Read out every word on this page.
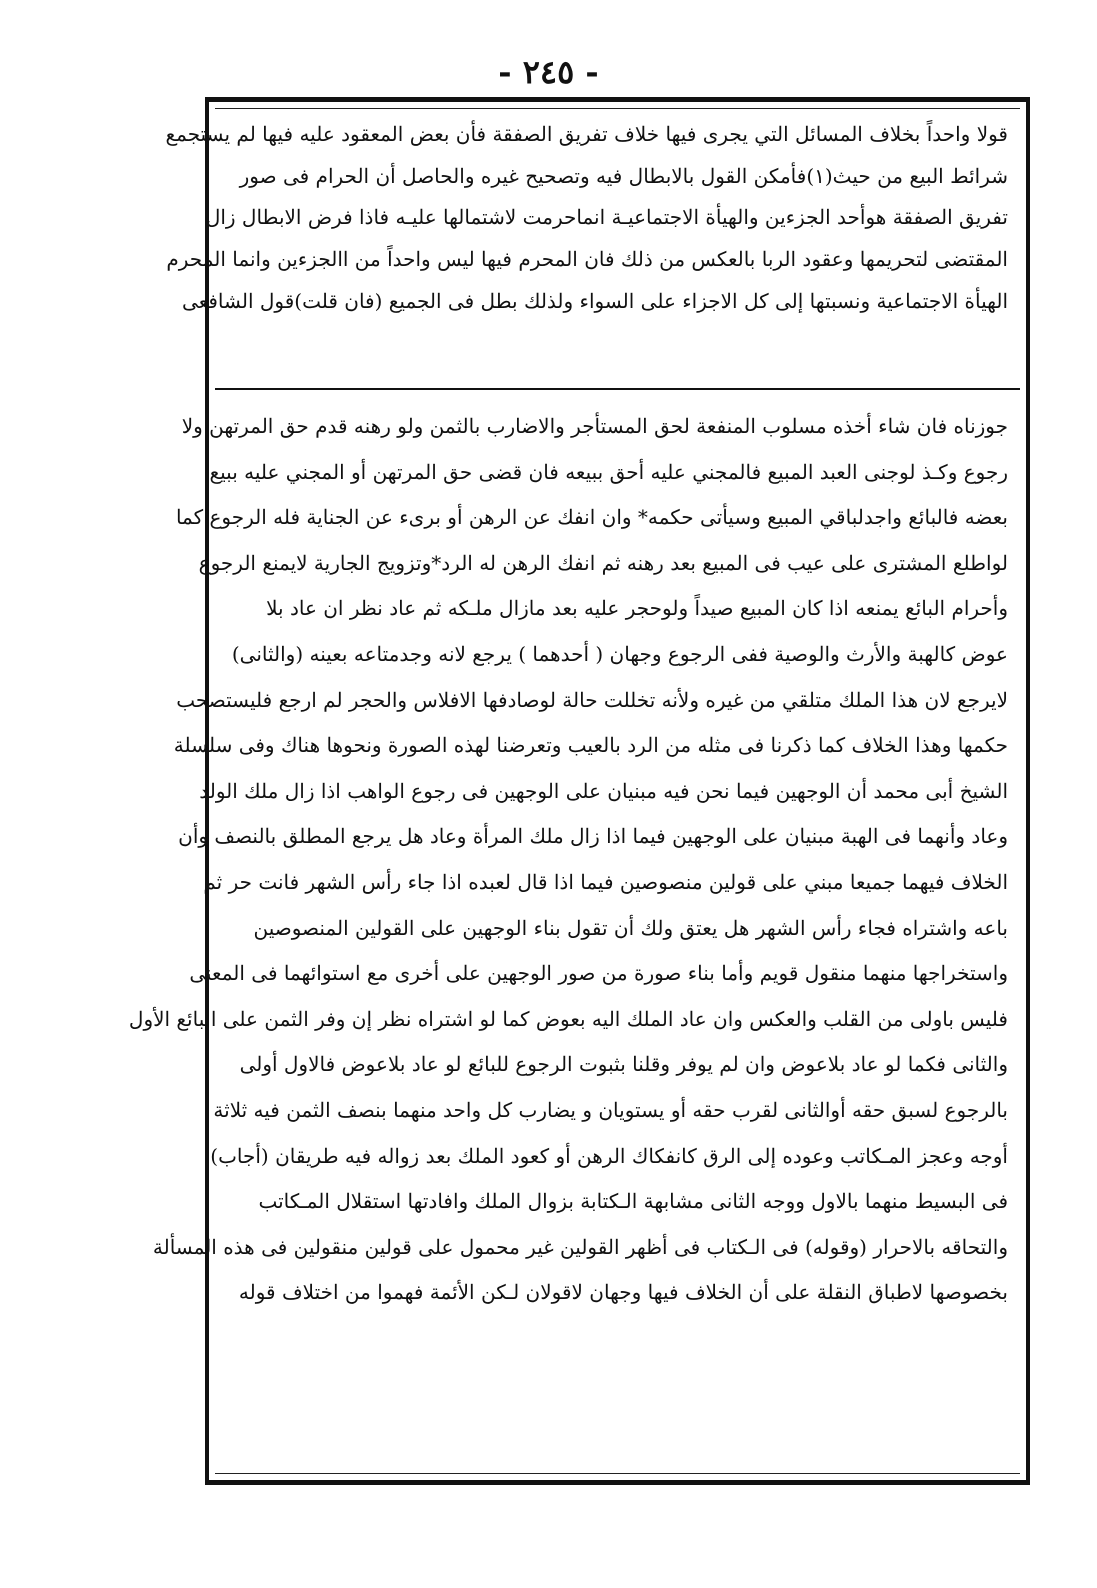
- ٢٤٥ -
قولا واحداً بخلاف المسائل التي يجرى فيها خلاف تفريق الصفقة فأن بعض المعقود عليه فيها لم يستجمع
شرائط البيع من حيث(١)فأمكن القول بالابطال فيه وتصحيح غيره والحاصل أن الحرام فى صور
تفريق الصفقة هوأحد الجزءين والهيأة الاجتماعيـة انماحرمت لاشتمالها عليـه فاذا فرض الابطال زال
المقتضى لتحريمها وعقود الربا بالعكس من ذلك فان المحرم فيها ليس واحداً من االجزءين وانما المحرم
الهيأة الاجتماعية ونسبتها إلى كل الاجزاء على السواء ولذلك بطل فى الجميع (فان قلت)قول الشافعى
جوزناه فان شاء أخذه مسلوب المنفعة لحق المستأجر والاضارب بالثمن ولو رهنه قدم حق المرتهن ولا
رجوع وكـذ لوجنى العبد المبيع فالمجني عليه أحق ببيعه فان قضى حق المرتهن أو المجني عليه ببيع
بعضه فالبائع واجدلباقي المبيع وسيأتى حكمه* وان انفك عن الرهن أو برىء عن الجناية فله الرجوع كما
لواطلع المشترى على عيب فى المبيع بعد رهنه ثم انفك الرهن له الرد*وتزويج الجارية لايمنع الرجوع
وأحرام البائع يمنعه اذا كان المبيع صيداً ولوحجر عليه بعد مازال ملـكه ثم عاد نظر ان عاد بلا
عوض كالهبة والأرث والوصية ففى الرجوع وجهان ( أحدهما ) يرجع لانه وجدمتاعه بعينه (والثانى)
لايرجع لان هذا الملك متلقي من غيره ولأنه تخللت حالة لوصادفها الافلاس والحجر لم ارجع فليستصحب
حكمها وهذا الخلاف كما ذكرنا فى مثله من الرد بالعيب وتعرضنا لهذه الصورة ونحوها هناك وفى سلسلة
الشيخ أبى محمد أن الوجهين فيما نحن فيه مبنيان على الوجهين فى رجوع الواهب اذا زال ملك الولد
وعاد وأنهما فى الهبة مبنيان على الوجهين فيما اذا زال ملك المرأة وعاد هل يرجع المطلق بالنصف وأن
الخلاف فيهما جميعا مبني على قولين منصوصين فيما اذا قال لعبده اذا جاء رأس الشهر فانت حر ثم
باعه واشتراه فجاء رأس الشهر هل يعتق ولك أن تقول بناء الوجهين على القولين المنصوصين
واستخراجها منهما منقول قويم وأما بناء صورة من صور الوجهين على أخرى مع استوائهما فى المعنى
فليس باولى من القلب والعكس وان عاد الملك اليه بعوض كما لو اشتراه نظر إن وفر الثمن على البائع الأول
والثانى فكما لو عاد بلاعوض وان لم يوفر وقلنا بثبوت الرجوع للبائع لو عاد بلاعوض فالاول أولى
بالرجوع لسبق حقه أوالثانى لقرب حقه أو يستويان و يضارب كل واحد منهما بنصف الثمن فيه ثلاثة
أوجه وعجز المـكاتب وعوده إلى الرق كانفكاك الرهن أو كعود الملك بعد زواله فيه طريقان (أجاب)
فى البسيط منهما بالاول ووجه الثانى مشابهة الـكتابة بزوال الملك وافادتها استقلال المـكاتب
والتحاقه بالاحرار (وقوله) فى الـكتاب فى أظهر القولين غير محمول على قولين منقولين فى هذه المسألة
بخصوصها لاطباق النقلة على أن الخلاف فيها وجهان لاقولان لـكن الأئمة فهموا من اختلاف قوله
